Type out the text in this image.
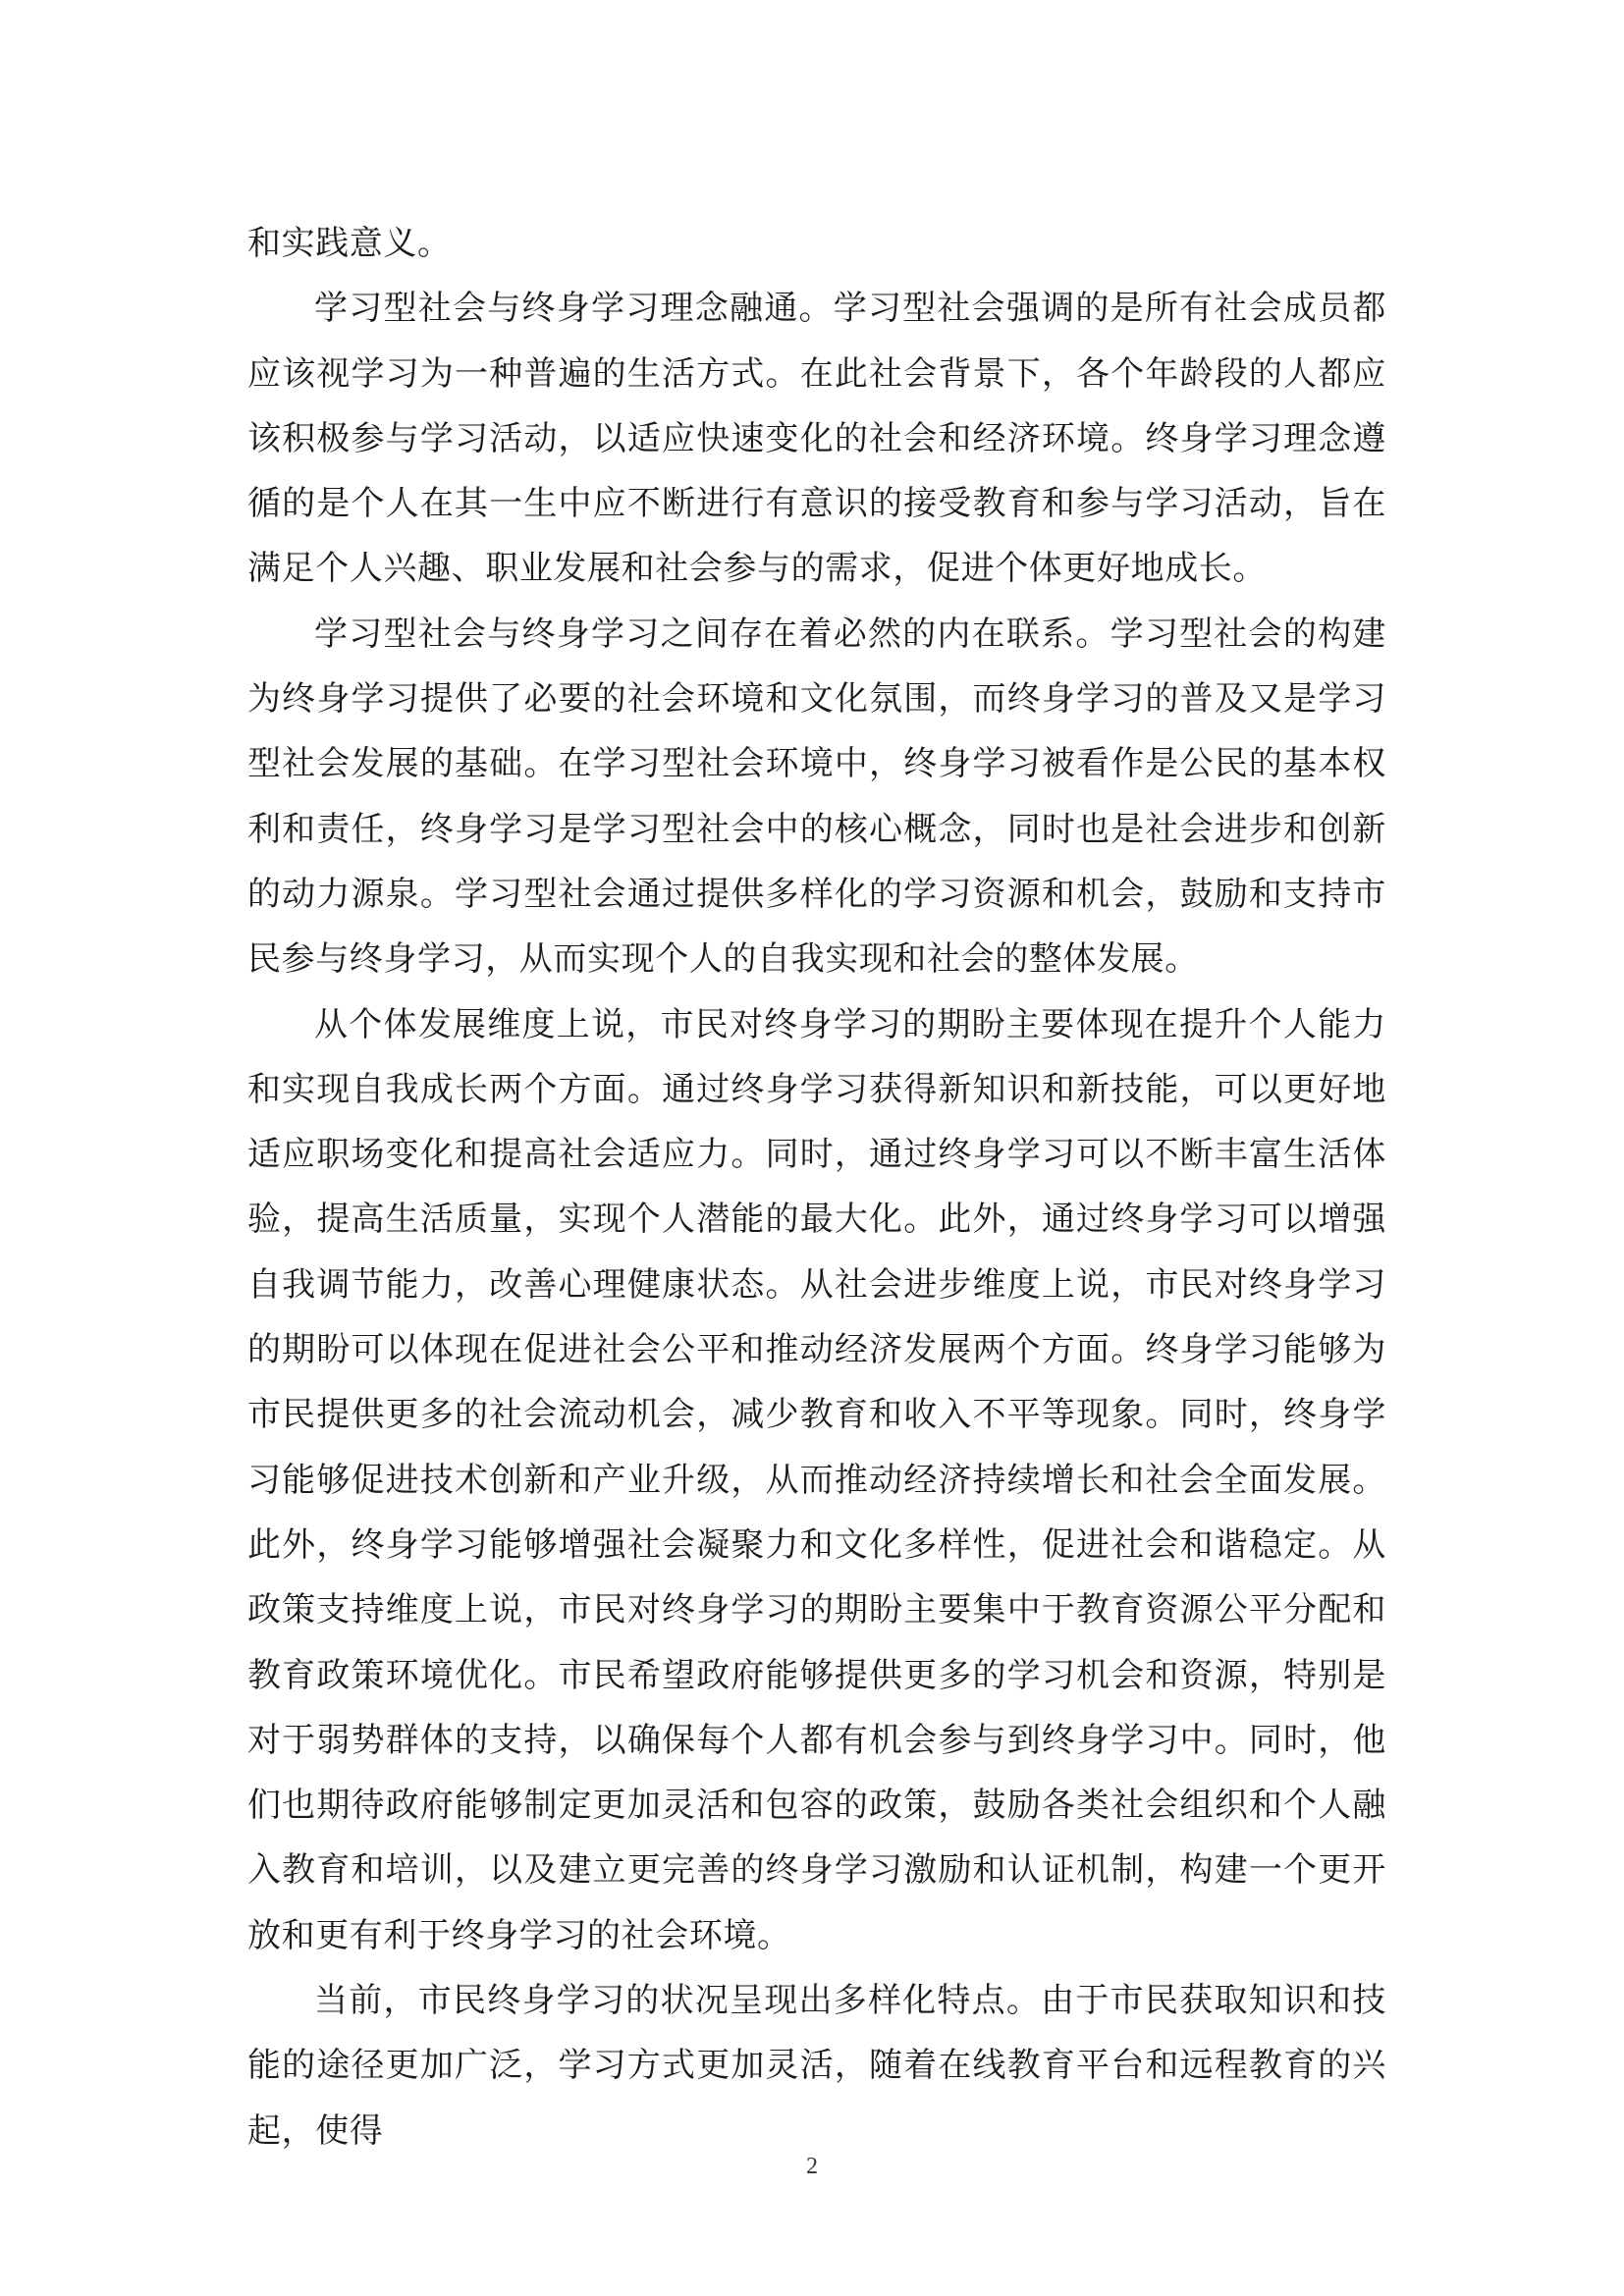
和实践意义。

学习型社会与终身学习理念融通。学习型社会强调的是所有社会成员都应该视学习为一种普遍的生活方式。在此社会背景下，各个年龄段的人都应该积极参与学习活动，以适应快速变化的社会和经济环境。终身学习理念遵循的是个人在其一生中应不断进行有意识的接受教育和参与学习活动，旨在满足个人兴趣、职业发展和社会参与的需求，促进个体更好地成长。

学习型社会与终身学习之间存在着必然的内在联系。学习型社会的构建为终身学习提供了必要的社会环境和文化氛围，而终身学习的普及又是学习型社会发展的基础。在学习型社会环境中，终身学习被看作是公民的基本权利和责任，终身学习是学习型社会中的核心概念，同时也是社会进步和创新的动力源泉。学习型社会通过提供多样化的学习资源和机会，鼓励和支持市民参与终身学习，从而实现个人的自我实现和社会的整体发展。

从个体发展维度上说，市民对终身学习的期盼主要体现在提升个人能力和实现自我成长两个方面。通过终身学习获得新知识和新技能，可以更好地适应职场变化和提高社会适应力。同时，通过终身学习可以不断丰富生活体验，提高生活质量，实现个人潜能的最大化。此外，通过终身学习可以增强自我调节能力，改善心理健康状态。从社会进步维度上说，市民对终身学习的期盼可以体现在促进社会公平和推动经济发展两个方面。终身学习能够为市民提供更多的社会流动机会，减少教育和收入不平等现象。同时，终身学习能够促进技术创新和产业升级，从而推动经济持续增长和社会全面发展。此外，终身学习能够增强社会凝聚力和文化多样性，促进社会和谐稳定。从政策支持维度上说，市民对终身学习的期盼主要集中于教育资源公平分配和教育政策环境优化。市民希望政府能够提供更多的学习机会和资源，特别是对于弱势群体的支持，以确保每个人都有机会参与到终身学习中。同时，他们也期待政府能够制定更加灵活和包容的政策，鼓励各类社会组织和个人融入教育和培训，以及建立更完善的终身学习激励和认证机制，构建一个更开放和更有利于终身学习的社会环境。

当前，市民终身学习的状况呈现出多样化特点。由于市民获取知识和技能的途径更加广泛，学习方式更加灵活，随着在线教育平台和远程教育的兴起，使得

2
